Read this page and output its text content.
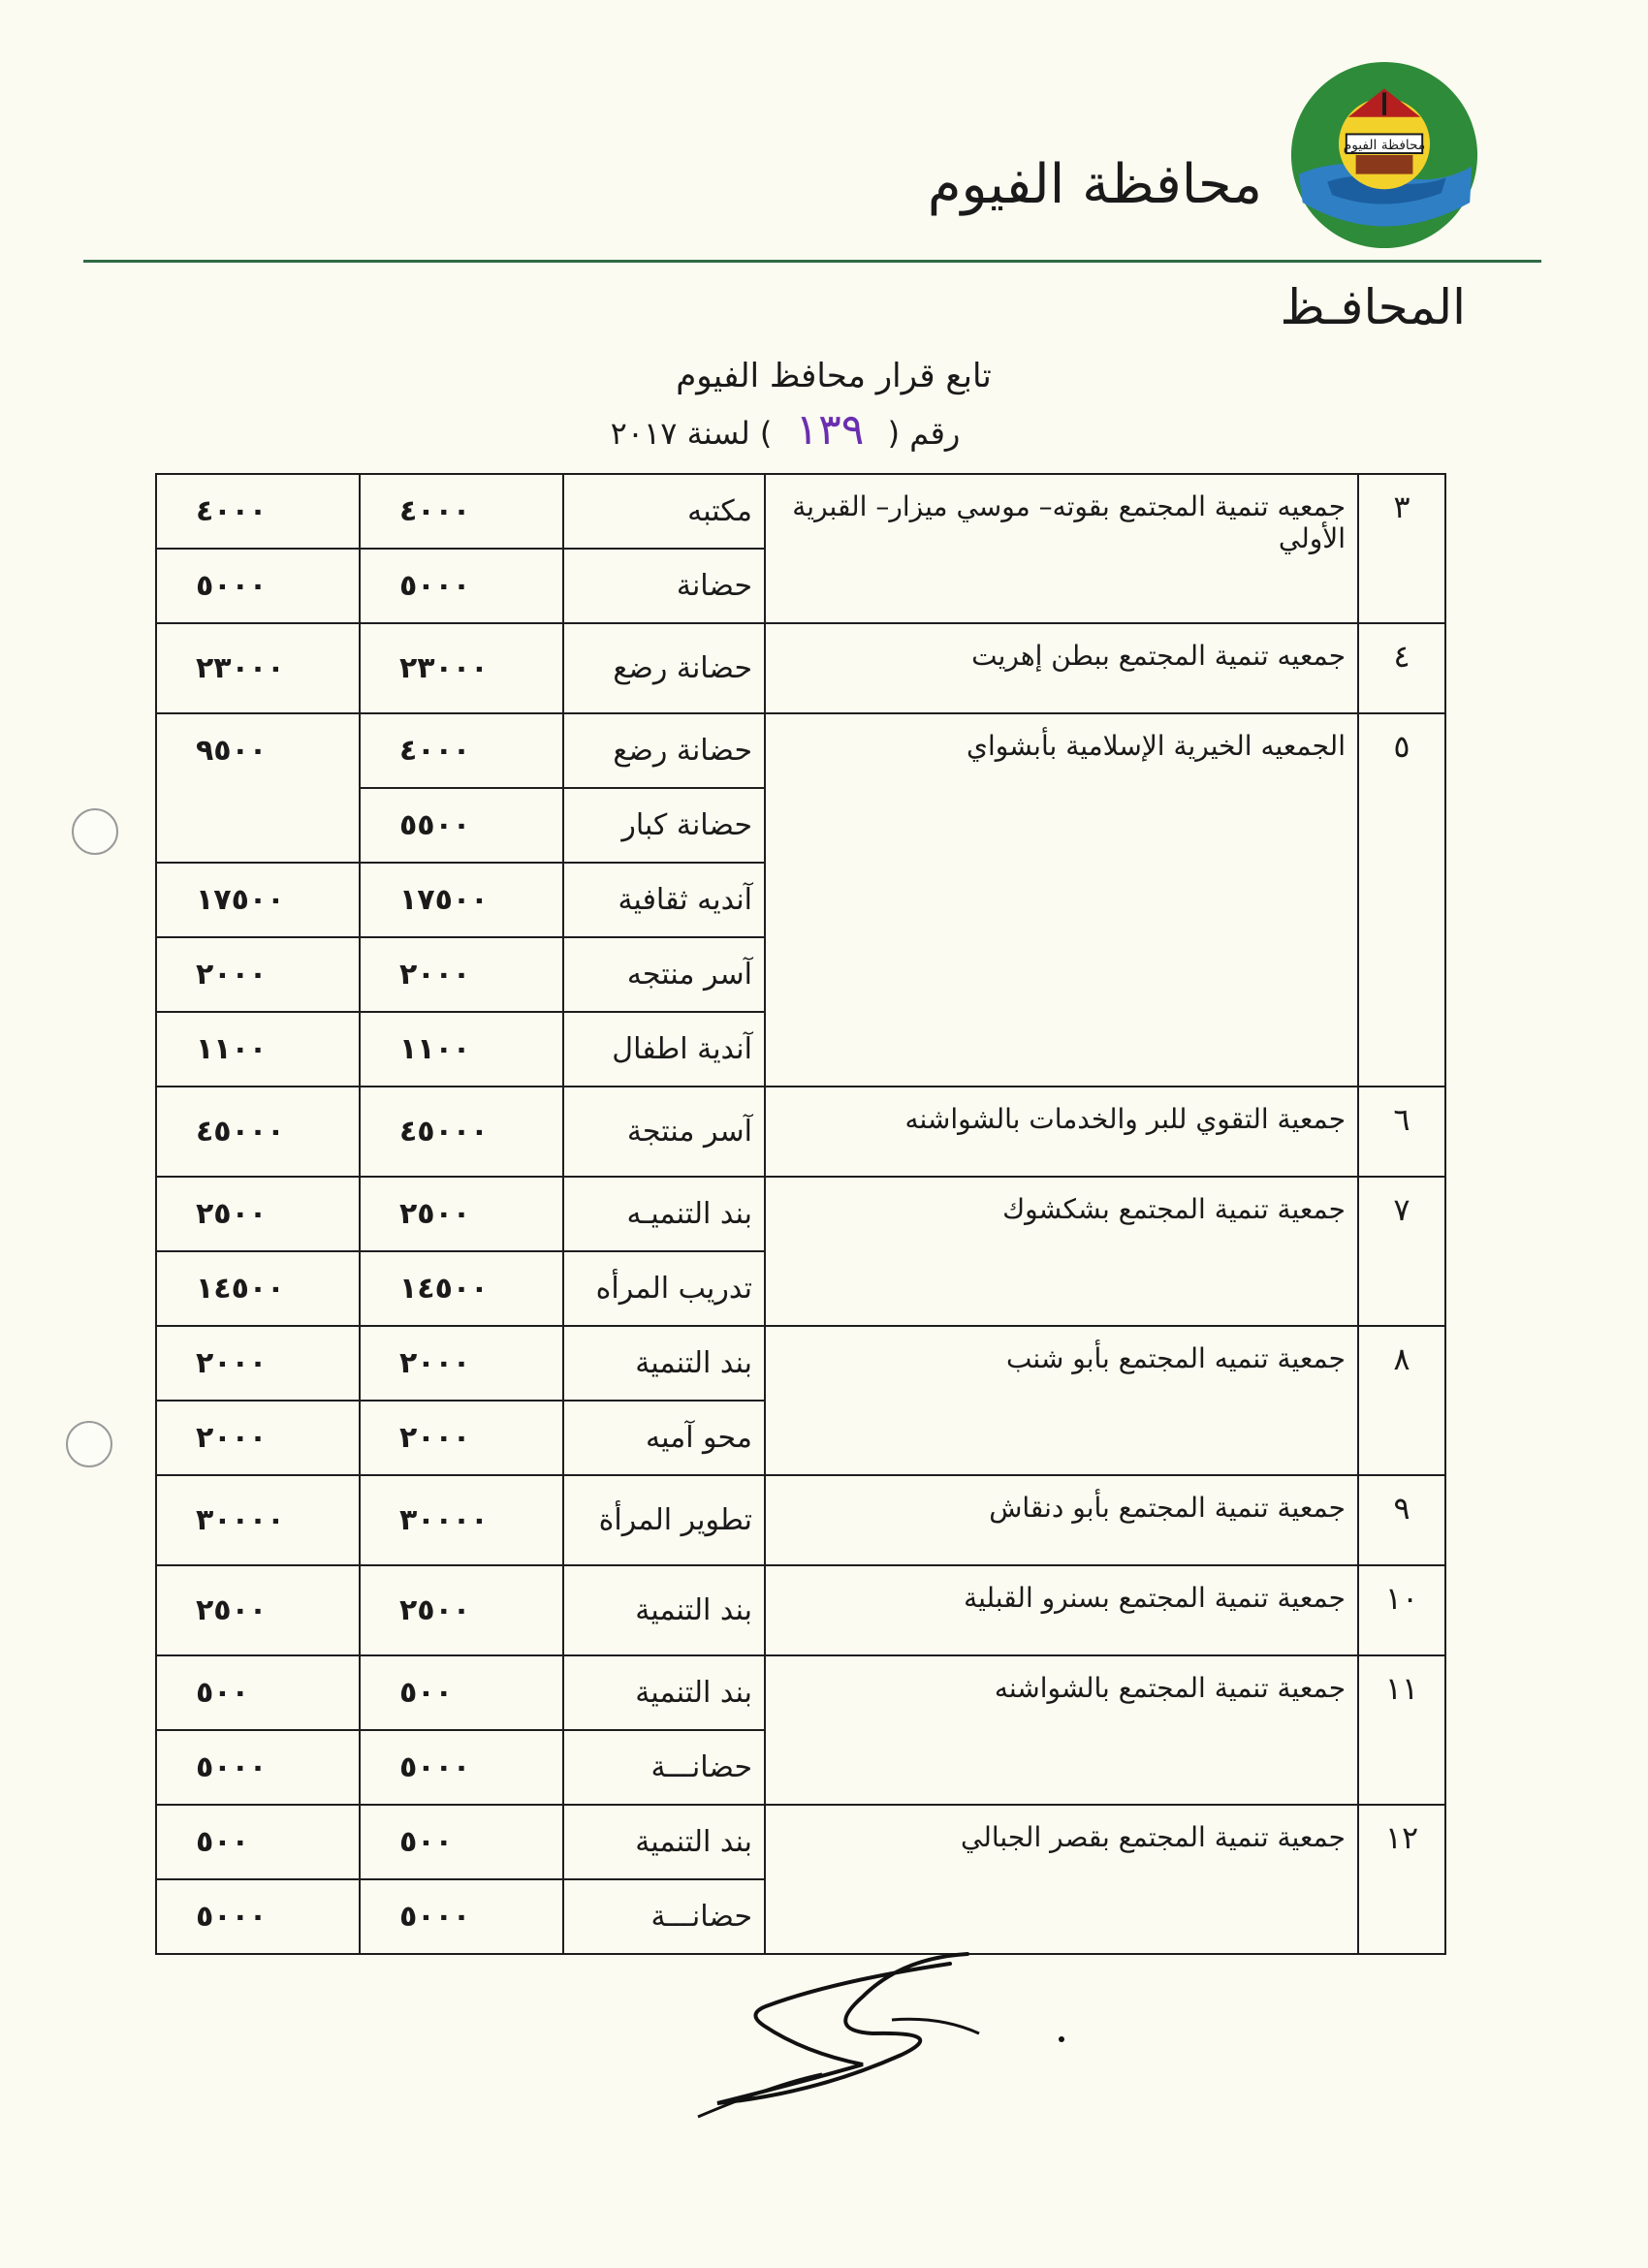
محافظة الفيوم
محافظة الفيوم
المحافـظ
تابع قرار محافظ الفيوم
رقم ( ١٣٩ ) لسنة ٢٠١٧
٣	جمعيه تنمية المجتمع بقوته– موسي ميزار– القبرية الأولي	مكتبه	٤٠٠٠	٤٠٠٠
		حضانة	٥٠٠٠	٥٠٠٠
٤	جمعيه تنمية المجتمع ببطن إهريت	حضانة رضع	٢٣٠٠٠	٢٣٠٠٠
٥	الجمعيه الخيرية الإسلامية بأبشواي	حضانة رضع	٤٠٠٠	٩٥٠٠
		حضانة كبار	٥٥٠٠	
		آنديه ثقافية	١٧٥٠٠	١٧٥٠٠
		آسر منتجه	٢٠٠٠	٢٠٠٠
		آندية اطفال	١١٠٠	١١٠٠
٦	جمعية التقوي للبر والخدمات بالشواشنه	آسر منتجة	٤٥٠٠٠	٤٥٠٠٠
٧	جمعية تنمية المجتمع بشكشوك	بند التنميـه	٢٥٠٠	٢٥٠٠
		تدريب المرأه	١٤٥٠٠	١٤٥٠٠
٨	جمعية تنميه المجتمع بأبو شنب	بند التنمية	٢٠٠٠	٢٠٠٠
		محو آميه	٢٠٠٠	٢٠٠٠
٩	جمعية تنمية المجتمع بأبو دنقاش	تطوير المرأة	٣٠٠٠٠	٣٠٠٠٠
١٠	جمعية تنمية المجتمع بسنرو القبلية	بند التنمية	٢٥٠٠	٢٥٠٠
١١	جمعية تنمية المجتمع بالشواشنه	بند التنمية	٥٠٠	٥٠٠
		حضانـــة	٥٠٠٠	٥٠٠٠
١٢	جمعية تنمية المجتمع بقصر الجبالي	بند التنمية	٥٠٠	٥٠٠
		حضانـــة	٥٠٠٠	٥٠٠٠
